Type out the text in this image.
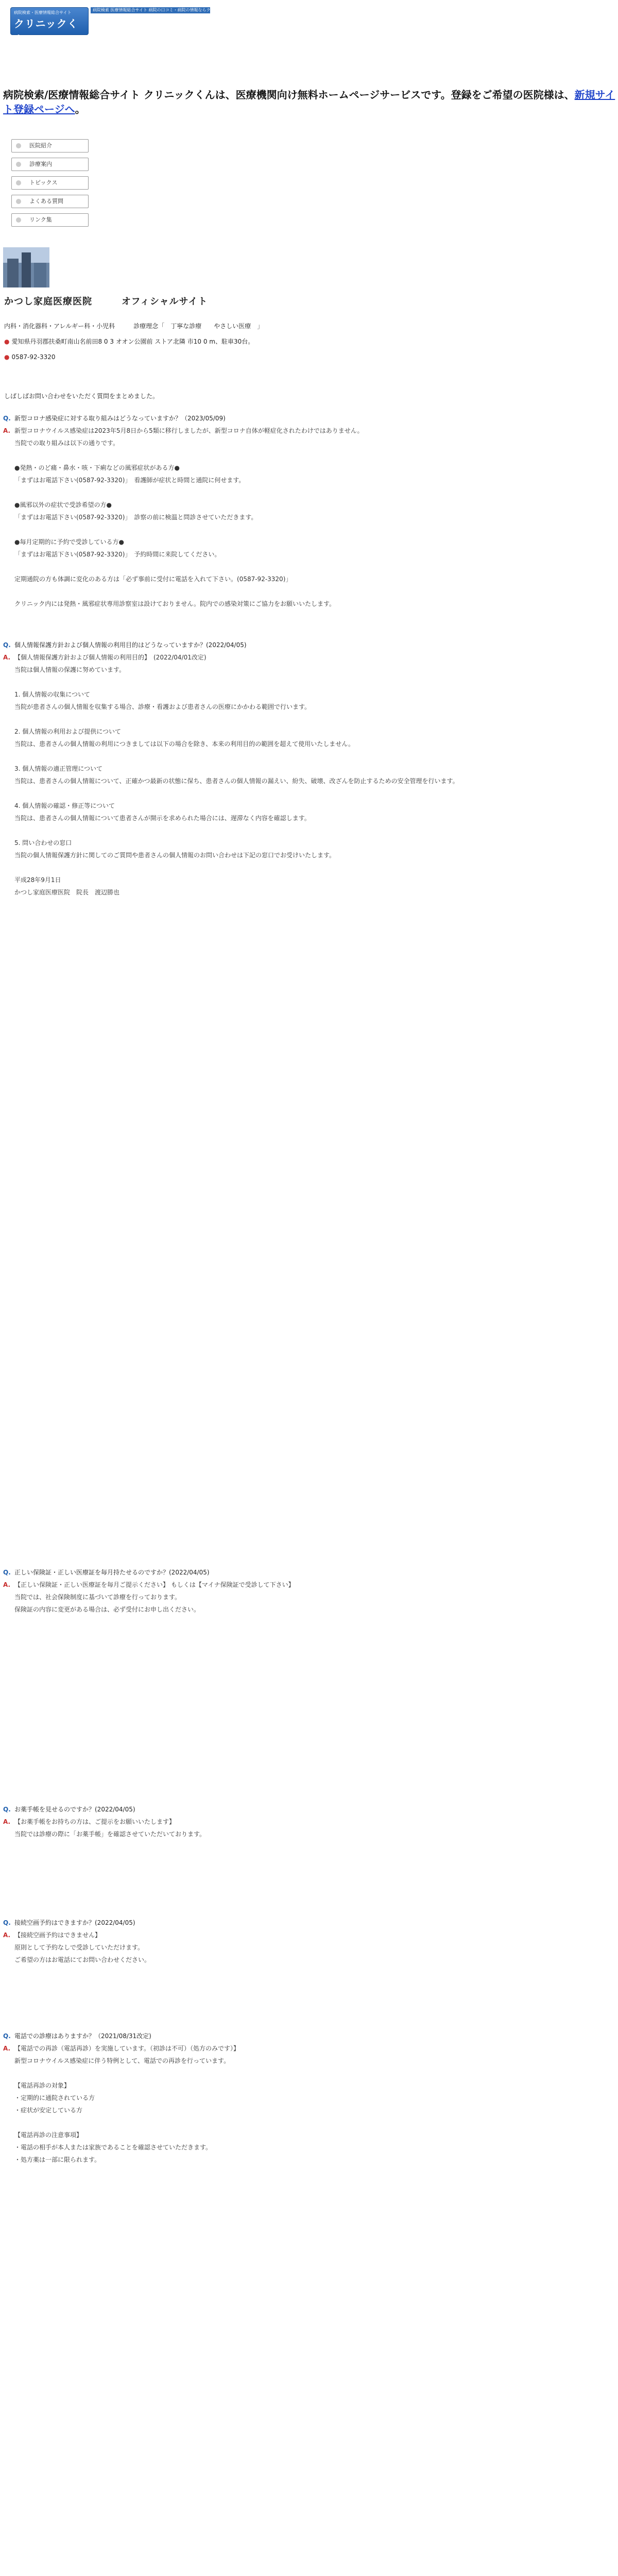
病院検索・医療情報総合サイト
クリニックくん
病院検索 医療情報総合サイト 病院の口コミ・病院の情報ならクリニックくん
病院検索/医療情報総合サイト クリニックくんは、医療機関向け無料ホームページサービスです。登録をご希望の医院様は、新規サイト登録ページへ。
医院紹介
診療案内
トピックス
よくある質問
リンク集
かつし家庭医療医院　　　オフィシャルサイト
内科・消化器科・アレルギー科・小児科　　　診療理念「　丁寧な診療　　やさしい医療　」
● 愛知県丹羽郡扶桑町南山名前田8 0 3 オオン公園前 ストア北隣 市10 0 m、駐車30台。
● 0587-92-3320
しばしばお問い合わせをいただく質問をまとめました。
Q. 新型コロナ感染症に対する取り組みはどうなっていますか？（2023/05/09)
A. 新型コロナウイルス感染症は2023年5月8日から5類に移行しましたが、新型コロナ自体が軽症化されたわけではありません。
当院での取り組みは以下の通りです。

●発熱・のど痛・鼻水・咳・下痢などの風邪症状がある方●
「まずはお電話下さい(0587-92-3320)」　看護師が症状と時間と通院に何せます。

●風邪以外の症状で受診希望の方●
「まずはお電話下さい(0587-92-3320)」　診察の前に検温と問診させていただきます。

●毎月定期的に予約で受診している方●
「まずはお電話下さい(0587-92-3320)」　予約時間に来院してください。

定期通院の方も体調に変化のある方は「必ず事前に受付に電話を入れて下さい。(0587-92-3320)」

クリニック内には発熱・風邪症状専用診察室は設けておりません。院内での感染対策にご協力をお願いいたします。
Q. 個人情報保護方針および個人情報の利用目的はどうなっていますか？(2022/04/05)
A. 【個人情報保護方針および個人情報の利用目的】　(2022/04/01改定)
当院は個人情報の保護に努めています。

1. 個人情報の収集について
当院が患者さんの個人情報を収集する場合、診療・看護および患者さんの医療にかかわる範囲で行います。

2. 個人情報の利用および提供について
当院は、患者さんの個人情報の利用につきましては以下の場合を除き、本来の利用目的の範囲を超えて使用いたしません。

3. 個人情報の適正管理について
当院は、患者さんの個人情報について、正確かつ最新の状態に保ち、患者さんの個人情報の漏えい、紛失、破壊、改ざんを防止するための安全管理を行います。

4. 個人情報の確認・修正等について
当院は、患者さんの個人情報について患者さんが開示を求められた場合には、遅滞なく内容を確認します。

5. 問い合わせの窓口
当院の個人情報保護方針に関してのご質問や患者さんの個人情報のお問い合わせは下記の窓口でお受けいたします。

平成28年9月1日
かつし家庭医療医院　院長　渡辺勝也
Q. 正しい保険証・正しい医療証を毎月持たせるのですか？(2022/04/05)
A. 【正しい保険証・正しい医療証を毎月ご提示ください】 もしくは【マイナ保険証で受診して下さい】
当院では、社会保険制度に基づいて診療を行っております。
保険証の内容に変更がある場合は、必ず受付にお申し出ください。
Q. お薬手帳を見せるのですか？(2022/04/05)
A. 【お薬手帳をお持ちの方は、ご提示をお願いいたします】
当院では診療の際に「お薬手帳」を確認させていただいております。
Q. 接続空画予約はできますか？(2022/04/05)
A. 【接続空画予約はできません】
原則として予約なしで受診していただけます。
ご希望の方はお電話にてお問い合わせください。
Q. 電話での診療はありますか？（2021/08/31改定)
A. 【電話での再診（電話再診）を実施しています。（初診は不可）（処方のみです）】
新型コロナウイルス感染症に伴う特例として、電話での再診を行っています。

【電話再診の対象】
・定期的に通院されている方
・症状が安定している方

【電話再診の注意事項】
・電話の相手が本人または家族であることを確認させていただきます。
・処方薬は一部に限られます。
